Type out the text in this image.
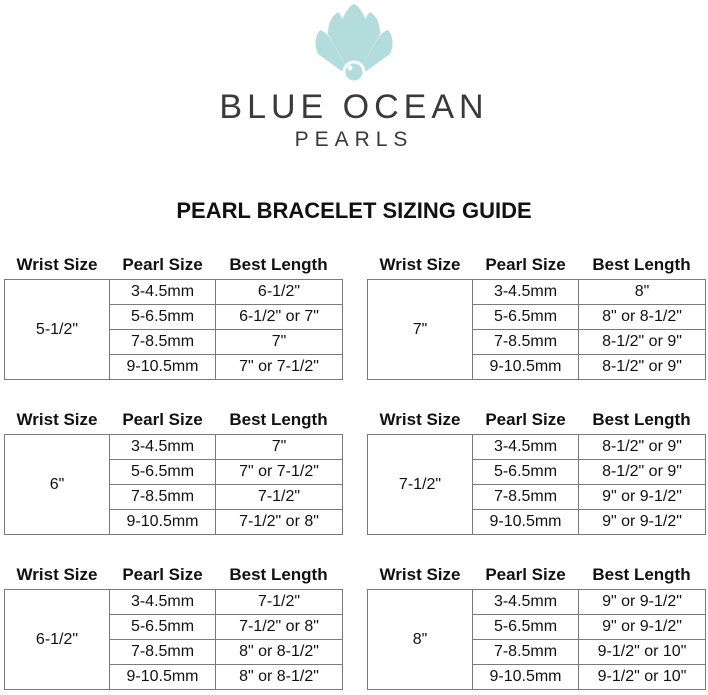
BLUE OCEAN
PEARLS
PEARL BRACELET SIZING GUIDE
Wrist Size	Pearl Size	Best Length
5-1/2"	3-4.5mm	6-1/2"
	5-6.5mm	6-1/2" or 7"
	7-8.5mm	7"
	9-10.5mm	7" or 7-1/2"
Wrist Size	Pearl Size	Best Length
7"	3-4.5mm	8"
	5-6.5mm	8" or 8-1/2"
	7-8.5mm	8-1/2" or 9"
	9-10.5mm	8-1/2" or 9"
Wrist Size	Pearl Size	Best Length
6"	3-4.5mm	7"
	5-6.5mm	7" or 7-1/2"
	7-8.5mm	7-1/2"
	9-10.5mm	7-1/2" or 8"
Wrist Size	Pearl Size	Best Length
7-1/2"	3-4.5mm	8-1/2" or 9"
	5-6.5mm	8-1/2" or 9"
	7-8.5mm	9" or 9-1/2"
	9-10.5mm	9" or 9-1/2"
Wrist Size	Pearl Size	Best Length
6-1/2"	3-4.5mm	7-1/2"
	5-6.5mm	7-1/2" or 8"
	7-8.5mm	8" or 8-1/2"
	9-10.5mm	8" or 8-1/2"
Wrist Size	Pearl Size	Best Length
8"	3-4.5mm	9" or 9-1/2"
	5-6.5mm	9" or 9-1/2"
	7-8.5mm	9-1/2" or 10"
	9-10.5mm	9-1/2" or 10"
